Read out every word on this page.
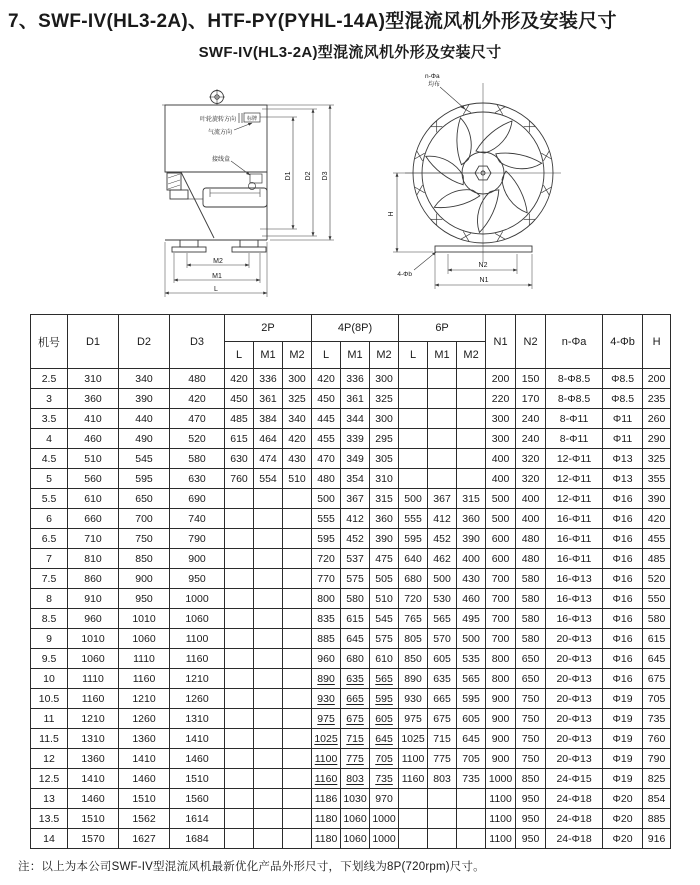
7、SWF-IV(HL3-2A)、HTF-PY(PYHL-14A)型混流风机外形及安装尺寸
SWF-IV(HL3-2A)型混流风机外形及安装尺寸
叶轮旋转方向
气流方向
标牌
接线盒
M2
M1
L
D1 D2 D3
n-Φa
均布
4-Φb
H
N2
N1
机号	D1	D2	D3	2P			4P(8P)			6P			N1	N2	n-Φa	4-Φb	H
				L	M1	M2	L	M1	M2	L	M1	M2					
2.5	310	340	480	420	336	300	420	336	300				200	150	8-Φ8.5	Φ8.5	200
3	360	390	420	450	361	325	450	361	325				220	170	8-Φ8.5	Φ8.5	235
3.5	410	440	470	485	384	340	445	344	300				300	240	8-Φ11	Φ11	260
4	460	490	520	615	464	420	455	339	295				300	240	8-Φ11	Φ11	290
4.5	510	545	580	630	474	430	470	349	305				400	320	12-Φ11	Φ13	325
5	560	595	630	760	554	510	480	354	310				400	320	12-Φ11	Φ13	355
5.5	610	650	690				500	367	315	500	367	315	500	400	12-Φ11	Φ16	390
6	660	700	740				555	412	360	555	412	360	500	400	16-Φ11	Φ16	420
6.5	710	750	790				595	452	390	595	452	390	600	480	16-Φ11	Φ16	455
7	810	850	900				720	537	475	640	462	400	600	480	16-Φ11	Φ16	485
7.5	860	900	950				770	575	505	680	500	430	700	580	16-Φ13	Φ16	520
8	910	950	1000				800	580	510	720	530	460	700	580	16-Φ13	Φ16	550
8.5	960	1010	1060				835	615	545	765	565	495	700	580	16-Φ13	Φ16	580
9	1010	1060	1100				885	645	575	805	570	500	700	580	20-Φ13	Φ16	615
9.5	1060	1110	1160				960	680	610	850	605	535	800	650	20-Φ13	Φ16	645
10	1110	1160	1210				890	635	565	890	635	565	800	650	20-Φ13	Φ16	675
10.5	1160	1210	1260				930	665	595	930	665	595	900	750	20-Φ13	Φ19	705
11	1210	1260	1310				975	675	605	975	675	605	900	750	20-Φ13	Φ19	735
11.5	1310	1360	1410				1025	715	645	1025	715	645	900	750	20-Φ13	Φ19	760
12	1360	1410	1460				1100	775	705	1100	775	705	900	750	20-Φ13	Φ19	790
12.5	1410	1460	1510				1160	803	735	1160	803	735	1000	850	24-Φ15	Φ19	825
13	1460	1510	1560				1186	1030	970				1100	950	24-Φ18	Φ20	854
13.5	1510	1562	1614				1180	1060	1000				1100	950	24-Φ18	Φ20	885
14	1570	1627	1684				1180	1060	1000				1100	950	24-Φ18	Φ20	916
注：以上为本公司SWF-IV型混流风机最新优化产品外形尺寸，下划线为8P(720rpm)尺寸。
